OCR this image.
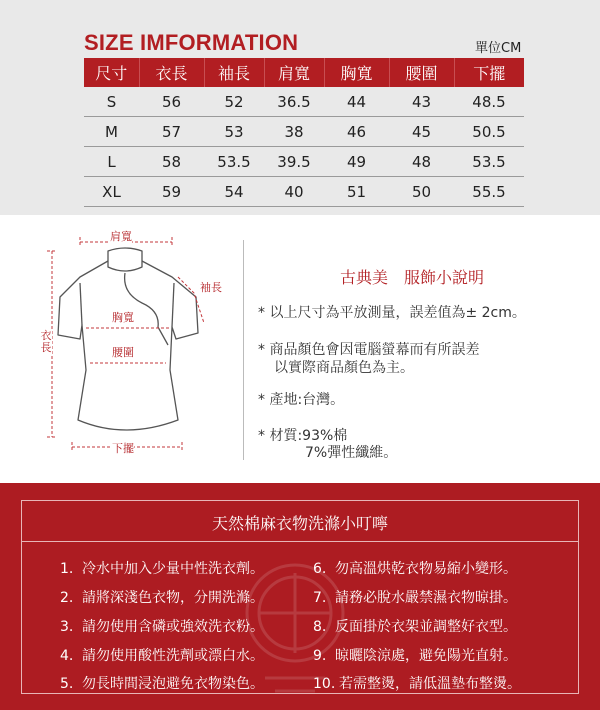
SIZE IMFORMATION	單位CM
尺寸	衣長	袖長	肩寬	胸寬	腰圍	下擺
S	56	52	36.5	44	43	48.5
M	57	53	38	46	45	50.5
L	58	53.5	39.5	49	48	53.5
XL	59	54	40	51	50	55.5
肩寬
袖長
胸寬
衣長	腰圍
下擺
古典美　服飾小說明
* 以上尺寸為平放測量，誤差值為± 2cm。
* 商品顏色會因電腦螢幕而有所誤差
以實際商品顏色為主。
* 產地:台灣。
* 材質:93%棉
7%彈性纖維。
天然棉麻衣物洗滌小叮嚀
1. 冷水中加入少量中性洗衣劑。
2. 請將深淺色衣物，分開洗滌。
3. 請勿使用含磷或強效洗衣粉。
4. 請勿使用酸性洗劑或漂白水。
5. 勿長時間浸泡避免衣物染色。
6. 勿高溫烘乾衣物易縮小變形。
7. 請務必脫水嚴禁濕衣物晾掛。
8. 反面掛於衣架並調整好衣型。
9. 晾曬陰涼處，避免陽光直射。
10. 若需整燙，請低溫墊布整燙。
